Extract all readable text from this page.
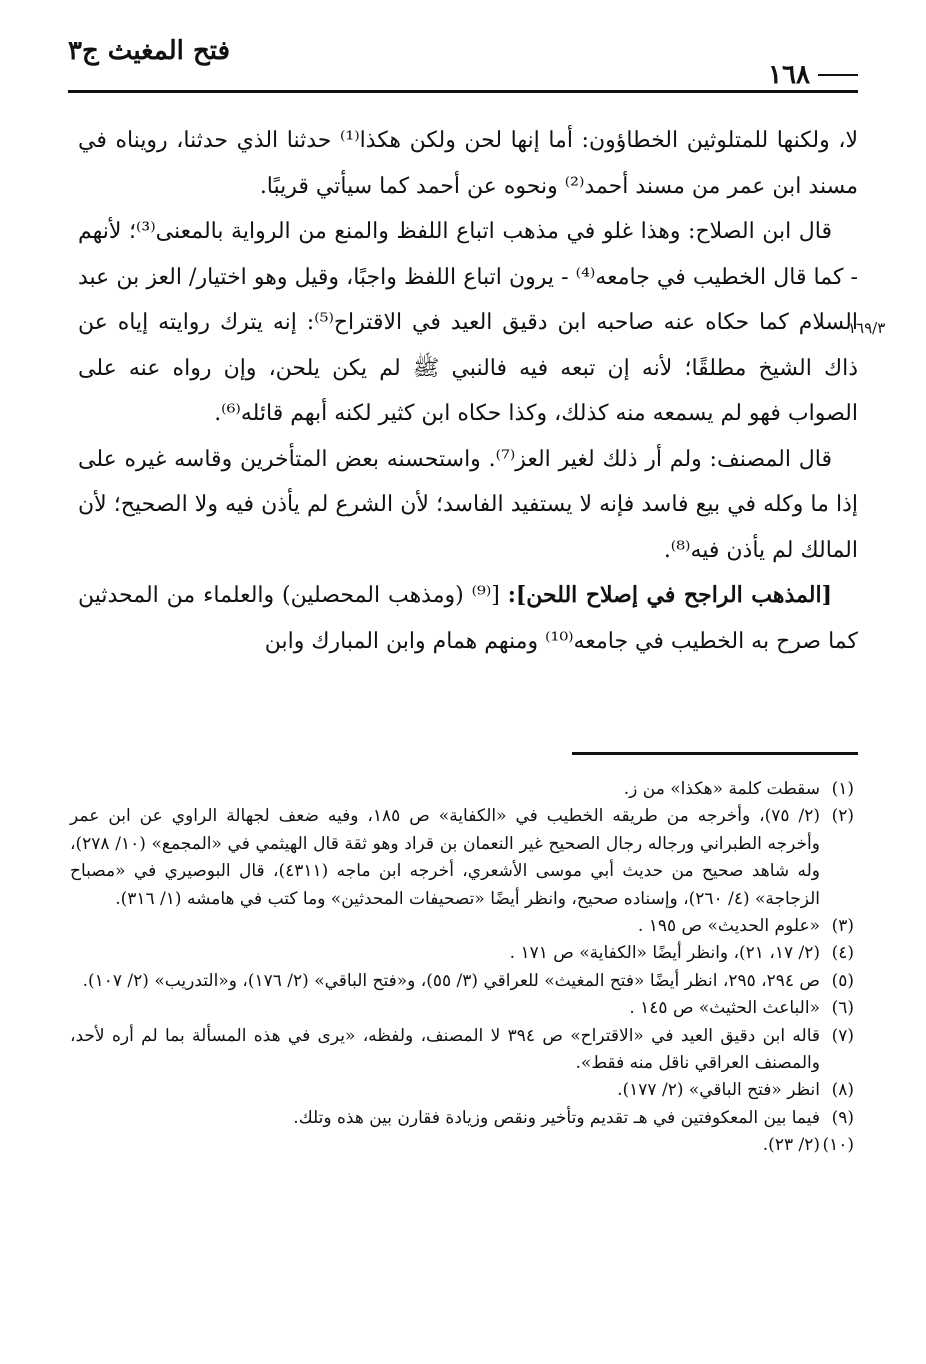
فتح المغيث ج٣
١٦٨
١٦٩/٣

لا، ولكنها للمتلوثين الخطاؤون: أما إنها لحن ولكن هكذا⁽¹⁾ حدثنا الذي حدثنا، رويناه في مسند ابن عمر من مسند أحمد⁽²⁾ ونحوه عن أحمد كما سيأتي قريبًا.

قال ابن الصلاح: وهذا غلو في مذهب اتباع اللفظ والمنع من الرواية بالمعنى⁽³⁾؛ لأنهم - كما قال الخطيب في جامعه⁽⁴⁾ - يرون اتباع اللفظ واجبًا، وقيل وهو اختيار/ العز بن عبد السلام كما حكاه عنه صاحبه ابن دقيق العيد في الاقتراح⁽⁵⁾: إنه يترك روايته إياه عن ذاك الشيخ مطلقًا؛ لأنه إن تبعه فيه فالنبي ﷺ لم يكن يلحن، وإن رواه عنه على الصواب فهو لم يسمعه منه كذلك، وكذا حكاه ابن كثير لكنه أبهم قائله⁽⁶⁾.

قال المصنف: ولم أر ذلك لغير العز⁽⁷⁾. واستحسنه بعض المتأخرين وقاسه غيره على إذا ما وكله في بيع فاسد فإنه لا يستفيد الفاسد؛ لأن الشرع لم يأذن فيه ولا الصحيح؛ لأن المالك لم يأذن فيه⁽⁸⁾.

[المذهب الراجح في إصلاح اللحن]: [⁽⁹⁾ (ومذهب المحصلين) والعلماء من المحدثين كما صرح به الخطيب في جامعه⁽¹⁰⁾ ومنهم همام وابن المبارك وابن

(١)
سقطت كلمة «هكذا» من ز.

(٢)
(٢/ ٧٥)، وأخرجه من طريقه الخطيب في «الكفاية» ص ١٨٥، وفيه ضعف لجهالة الراوي عن ابن عمر وأخرجه الطبراني ورجاله رجال الصحيح غير النعمان بن قراد وهو ثقة قال الهيثمي في «المجمع» (١٠/ ٢٧٨)، وله شاهد صحيح من حديث أبي موسى الأشعري، أخرجه ابن ماجه (٤٣١١)، قال البوصيري في «مصباح الزجاجة» (٤/ ٢٦٠)، وإسناده صحيح، وانظر أيضًا «تصحيفات المحدثين» وما كتب في هامشه (١/ ٣١٦).

(٣)
«علوم الحديث» ص ١٩٥ .

(٤)
(٢/ ١٧، ٢١)، وانظر أيضًا «الكفاية» ص ١٧١ .

(٥)
ص ٢٩٤، ٢٩٥، انظر أيضًا «فتح المغيث» للعراقي (٣/ ٥٥)، و«فتح الباقي» (٢/ ١٧٦)، و«التدريب» (٢/ ١٠٧).

(٦)
«الباعث الحثيث» ص ١٤٥ .

(٧)
قاله ابن دقيق العيد في «الاقتراح» ص ٣٩٤ لا المصنف، ولفظه، «يرى في هذه المسألة بما لم أره لأحد، والمصنف العراقي ناقل منه فقط».

(٨)
انظر «فتح الباقي» (٢/ ١٧٧).

(٩)
فيما بين المعكوفتين في هـ تقديم وتأخير ونقص وزيادة فقارن بين هذه وتلك.

(١٠)
(٢/ ٢٣).
